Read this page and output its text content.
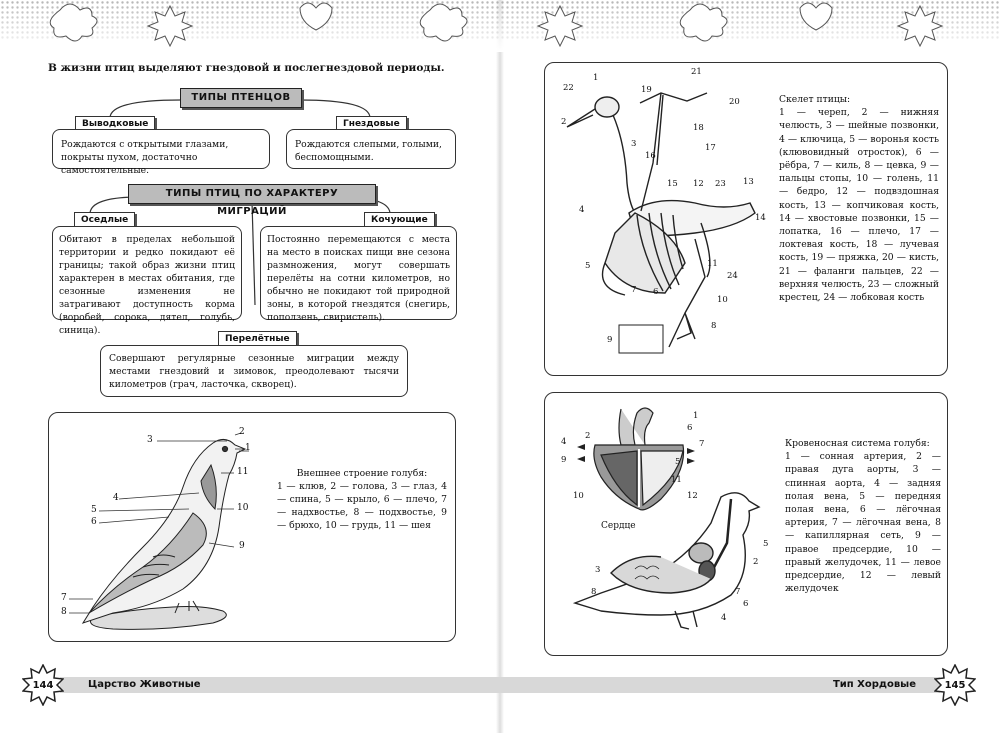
В жизни птиц выделяют гнездовой и послегнездовой периоды.
ТИПЫ ПТЕНЦОВ
Выводковые
Рождаются с открытыми глазами, покрыты пухом, достаточно самостоятельные.
Гнездовые
Рождаются слепыми, голыми, беспомощными.
ТИПЫ ПТИЦ ПО ХАРАКТЕРУ МИГРАЦИЙ
Оседлые
Обитают в пределах небольшой территории и редко покидают её границы; такой образ жизни птиц характерен в местах обитания, где сезонные изменения не затрагивают доступность корма (воробей, сорока, дятел, голубь, синица).
Кочующие
Постоянно перемещаются с места на место в поисках пищи вне сезона размножения, могут совершать перелёты на сотни километров, но обычно не покидают той природной зоны, в которой гнездятся (снегирь, поползень, свиристель).
Перелётные
Совершают регулярные сезонные миграции между местами гнездовий и зимовок, преодолевают тысячи километров (грач, ласточка, скворец).
2
3
1
11
4
10
5
6
9
7
8
Внешнее строение голубя:
1 — клюв, 2 — голова, 3 — глаз, 4 — спина, 5 — крыло, 6 — плечо, 7 — надхвостье, 8 — подхвостье, 9 — брюхо, 10 — грудь, 11 — шея
Царство Животные
144
1
22
2
3
21
19
20
18
17
16
15 12 23 13
14
4
5	11
24
7 6
10
8
9
Скелет птицы:
1 — череп, 2 — нижняя челюсть, 3 — шейные позвонки, 4 — ключица, 5 — воронья кость (клювовидный отросток), 6 — рёбра, 7 — киль, 8 — цевка, 9 — пальцы стопы, 10 — голень, 11 — бедро, 12 — подвздошная кость, 13 — копчиковая кость, 14 — хвостовые позвонки, 15 — лопатка, 16 — плечо, 17 — локтевая кость, 18 — лучевая кость, 19 — пряжка, 20 — кисть, 21 — фаланги пальцев, 22 — верхняя челюсть, 23 — сложный крестец, 24 — лобковая кость
Сердце
1
2
6
4	7
9	5
11
10	12
5
2
3
8	7
6
4
Кровеносная система голубя:
1 — сонная артерия, 2 — правая дуга аорты, 3 — спинная аорта, 4 — задняя полая вена, 5 — передняя полая вена, 6 — лёгочная артерия, 7 — лёгочная вена, 8 — капиллярная сеть, 9 — правое предсердие, 10 — правый желудочек, 11 — левое предсердие, 12 — левый желудочек
Тип Хордовые	145
